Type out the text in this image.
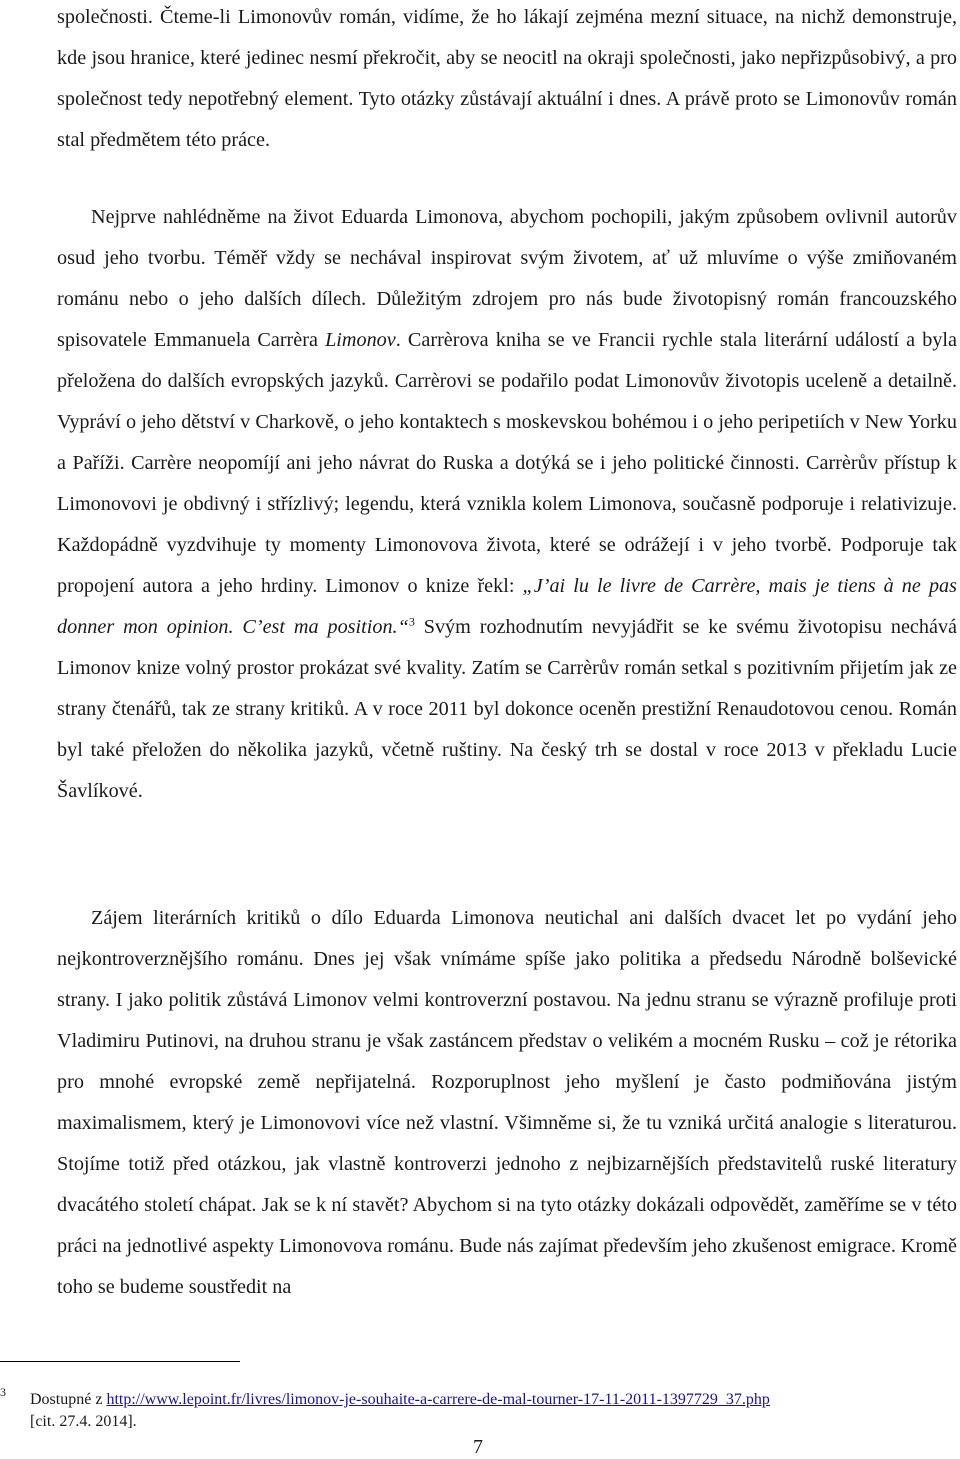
společnosti. Čteme-li Limonovův román, vidíme, že ho lákají zejména mezní situace, na nichž demonstruje, kde jsou hranice, které jedinec nesmí překročit, aby se neocitl na okraji společnosti, jako nepřizpůsobivý, a pro společnost tedy nepotřebný element. Tyto otázky zůstávají aktuální i dnes. A právě proto se Limonovův román stal předmětem této práce.

Nejprve nahlédněme na život Eduarda Limonova, abychom pochopili, jakým způsobem ovlivnil autorův osud jeho tvorbu. Téměř vždy se nechával inspirovat svým životem, ať už mluvíme o výše zmiňovaném románu nebo o jeho dalších dílech. Důležitým zdrojem pro nás bude životopisný román francouzského spisovatele Emmanuela Carrèra Limonov. Carrèrova kniha se ve Francii rychle stala literární událostí a byla přeložena do dalších evropských jazyků. Carrèrovi se podařilo podat Limonovův životopis uceleně a detailně. Vypráví o jeho dětství v Charkově, o jeho kontaktech s moskevskou bohémou i o jeho peripetiích v New Yorku a Paříži. Carrère neopomíjí ani jeho návrat do Ruska a dotýká se i jeho politické činnosti. Carrèrův přístup k Limonovovi je obdivný i střízlivý; legendu, která vznikla kolem Limonova, současně podporuje i relativizuje. Každopádně vyzdvihuje ty momenty Limonovova života, které se odrážejí i v jeho tvorbě. Podporuje tak propojení autora a jeho hrdiny. Limonov o knize řekl: „J’ai lu le livre de Carrère, mais je tiens à ne pas donner mon opinion. C’est ma position.“$^3$ Svým rozhodnutím nevyjádřit se ke svému životopisu nechává Limonov knize volný prostor prokázat své kvality. Zatím se Carrèrův román setkal s pozitivním přijetím jak ze strany čtenářů, tak ze strany kritiků. A v roce 2011 byl dokonce oceněn prestižní Renaudotovou cenou. Román byl také přeložen do několika jazyků, včetně ruštiny. Na český trh se dostal v roce 2013 v překladu Lucie Šavlíkové.

Zájem literárních kritiků o dílo Eduarda Limonova neutichal ani dalších dvacet let po vydání jeho nejkontroverznějšího románu. Dnes jej však vnímáme spíše jako politika a předsedu Národně bolševické strany. I jako politik zůstává Limonov velmi kontroverzní postavou. Na jednu stranu se výrazně profiluje proti Vladimiru Putinovi, na druhou stranu je však zastáncem představ o velikém a mocném Rusku – což je rétorika pro mnohé evropské země nepřijatelná. Rozporuplnost jeho myšlení je často podmiňována jistým maximalismem, který je Limonovovi více než vlastní. Všimněme si, že tu vzniká určitá analogie s literaturou. Stojíme totiž před otázkou, jak vlastně kontroverzi jednoho z nejbizarnějších představitelů ruské literatury dvacátého století chápat. Jak se k ní stavět? Abychom si na tyto otázky dokázali odpovědět, zaměříme se v této práci na jednotlivé aspekty Limonovova románu. Bude nás zajímat především jeho zkušenost emigrace. Kromě toho se budeme soustředit na

3 Dostupné z http://www.lepoint.fr/livres/limonov-je-souhaite-a-carrere-de-mal-tourner-17-11-2011-1397729_37.php
[cit. 27.4. 2014].
7
